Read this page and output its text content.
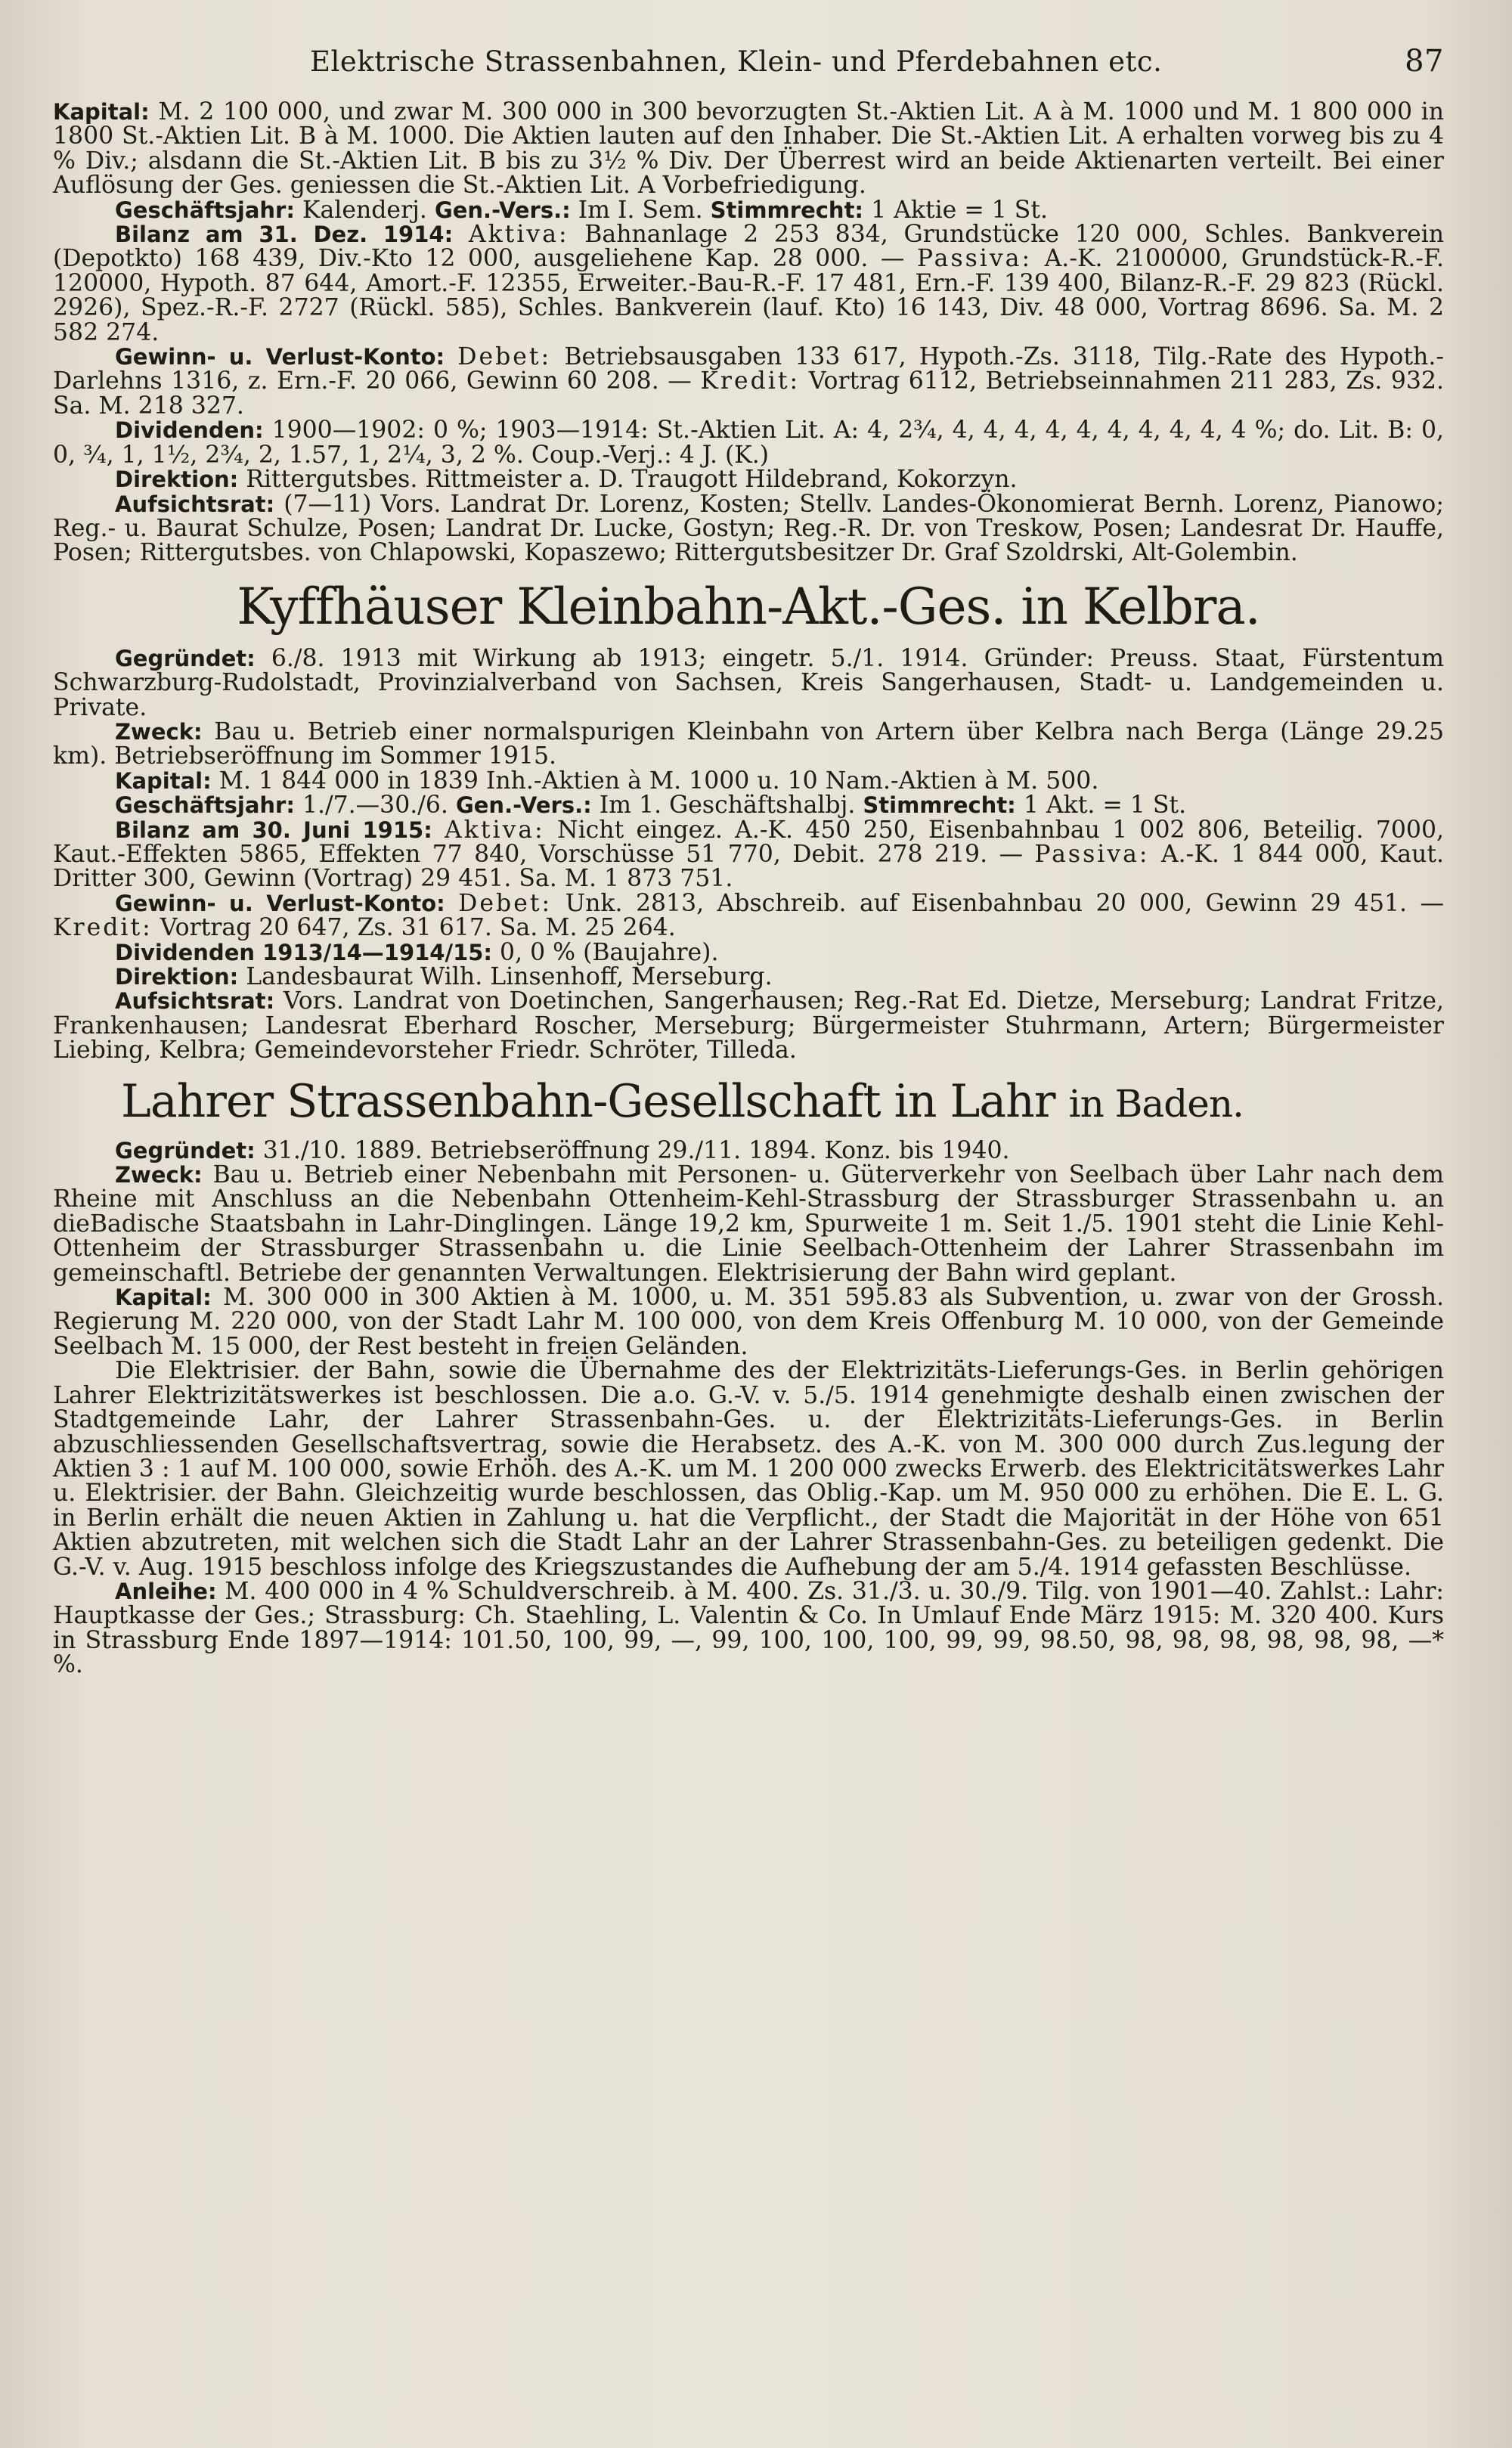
Elektrische Strassenbahnen, Klein- und Pferdebahnen etc.	87

Kapital: M. 2 100 000, und zwar M. 300 000 in 300 bevorzugten St.-Aktien Lit. A à M. 1000 und M. 1 800 000 in 1800 St.-Aktien Lit. B à M. 1000. Die Aktien lauten auf den Inhaber. Die St.-Aktien Lit. A erhalten vorweg bis zu 4 % Div.; alsdann die St.-Aktien Lit. B bis zu 3½ % Div. Der Überrest wird an beide Aktienarten verteilt. Bei einer Auflösung der Ges. geniessen die St.-Aktien Lit. A Vorbefriedigung.

Geschäftsjahr: Kalenderj. Gen.-Vers.: Im I. Sem. Stimmrecht: 1 Aktie = 1 St.

Bilanz am 31. Dez. 1914: Aktiva: Bahnanlage 2 253 834, Grundstücke 120 000, Schles. Bankverein (Depotkto) 168 439, Div.-Kto 12 000, ausgeliehene Kap. 28 000. — Passiva: A.-K. 2100000, Grundstück-R.-F. 120000, Hypoth. 87 644, Amort.-F. 12355, Erweiter.-Bau-R.-F. 17 481, Ern.-F. 139 400, Bilanz-R.-F. 29 823 (Rückl. 2926), Spez.-R.-F. 2727 (Rückl. 585), Schles. Bankverein (lauf. Kto) 16 143, Div. 48 000, Vortrag 8696. Sa. M. 2 582 274.

Gewinn- u. Verlust-Konto: Debet: Betriebsausgaben 133 617, Hypoth.-Zs. 3118, Tilg.-Rate des Hypoth.-Darlehns 1316, z. Ern.-F. 20 066, Gewinn 60 208. — Kredit: Vortrag 6112, Betriebseinnahmen 211 283, Zs. 932. Sa. M. 218 327.

Dividenden: 1900—1902: 0 %; 1903—1914: St.-Aktien Lit. A: 4, 2¾, 4, 4, 4, 4, 4, 4, 4, 4, 4, 4 %; do. Lit. B: 0, 0, ¾, 1, 1½, 2¾, 2, 1.57, 1, 2¼, 3, 2 %. Coup.-Verj.: 4 J. (K.)

Direktion: Rittergutsbes. Rittmeister a. D. Traugott Hildebrand, Kokorzyn.

Aufsichtsrat: (7—11) Vors. Landrat Dr. Lorenz, Kosten; Stellv. Landes-Ökonomierat Bernh. Lorenz, Pianowo; Reg.- u. Baurat Schulze, Posen; Landrat Dr. Lucke, Gostyn; Reg.-R. Dr. von Treskow, Posen; Landesrat Dr. Hauffe, Posen; Rittergutsbes. von Chlapowski, Kopaszewo; Rittergutsbesitzer Dr. Graf Szoldrski, Alt-Golembin.

Kyffhäuser Kleinbahn-Akt.-Ges. in Kelbra.

Gegründet: 6./8. 1913 mit Wirkung ab 1913; eingetr. 5./1. 1914. Gründer: Preuss. Staat, Fürstentum Schwarzburg-Rudolstadt, Provinzialverband von Sachsen, Kreis Sangerhausen, Stadt- u. Landgemeinden u. Private.

Zweck: Bau u. Betrieb einer normalspurigen Kleinbahn von Artern über Kelbra nach Berga (Länge 29.25 km). Betriebseröffnung im Sommer 1915.

Kapital: M. 1 844 000 in 1839 Inh.-Aktien à M. 1000 u. 10 Nam.-Aktien à M. 500.

Geschäftsjahr: 1./7.—30./6. Gen.-Vers.: Im 1. Geschäftshalbj. Stimmrecht: 1 Akt. = 1 St.

Bilanz am 30. Juni 1915: Aktiva: Nicht eingez. A.-K. 450 250, Eisenbahnbau 1 002 806, Beteilig. 7000, Kaut.-Effekten 5865, Effekten 77 840, Vorschüsse 51 770, Debit. 278 219. — Passiva: A.-K. 1 844 000, Kaut. Dritter 300, Gewinn (Vortrag) 29 451. Sa. M. 1 873 751.

Gewinn- u. Verlust-Konto: Debet: Unk. 2813, Abschreib. auf Eisenbahnbau 20 000, Gewinn 29 451. — Kredit: Vortrag 20 647, Zs. 31 617. Sa. M. 25 264.

Dividenden 1913/14—1914/15: 0, 0 % (Baujahre).

Direktion: Landesbaurat Wilh. Linsenhoff, Merseburg.

Aufsichtsrat: Vors. Landrat von Doetinchen, Sangerhausen; Reg.-Rat Ed. Dietze, Merseburg; Landrat Fritze, Frankenhausen; Landesrat Eberhard Roscher, Merseburg; Bürgermeister Stuhrmann, Artern; Bürgermeister Liebing, Kelbra; Gemeindevorsteher Friedr. Schröter, Tilleda.

Lahrer Strassenbahn-Gesellschaft in Lahr in Baden.

Gegründet: 31./10. 1889. Betriebseröffnung 29./11. 1894. Konz. bis 1940.

Zweck: Bau u. Betrieb einer Nebenbahn mit Personen- u. Güterverkehr von Seelbach über Lahr nach dem Rheine mit Anschluss an die Nebenbahn Ottenheim-Kehl-Strassburg der Strassburger Strassenbahn u. an dieBadische Staatsbahn in Lahr-Dinglingen. Länge 19,2 km, Spurweite 1 m. Seit 1./5. 1901 steht die Linie Kehl-Ottenheim der Strassburger Strassenbahn u. die Linie Seelbach-Ottenheim der Lahrer Strassenbahn im gemeinschaftl. Betriebe der genannten Verwaltungen. Elektrisierung der Bahn wird geplant.

Kapital: M. 300 000 in 300 Aktien à M. 1000, u. M. 351 595.83 als Subvention, u. zwar von der Grossh. Regierung M. 220 000, von der Stadt Lahr M. 100 000, von dem Kreis Offenburg M. 10 000, von der Gemeinde Seelbach M. 15 000, der Rest besteht in freien Geländen.

Die Elektrisier. der Bahn, sowie die Übernahme des der Elektrizitäts-Lieferungs-Ges. in Berlin gehörigen Lahrer Elektrizitätswerkes ist beschlossen. Die a.o. G.-V. v. 5./5. 1914 genehmigte deshalb einen zwischen der Stadtgemeinde Lahr, der Lahrer Strassenbahn-Ges. u. der Elektrizitäts-Lieferungs-Ges. in Berlin abzuschliessenden Gesellschaftsvertrag, sowie die Herabsetz. des A.-K. von M. 300 000 durch Zus.legung der Aktien 3 : 1 auf M. 100 000, sowie Erhöh. des A.-K. um M. 1 200 000 zwecks Erwerb. des Elektricitätswerkes Lahr u. Elektrisier. der Bahn. Gleichzeitig wurde beschlossen, das Oblig.-Kap. um M. 950 000 zu erhöhen. Die E. L. G. in Berlin erhält die neuen Aktien in Zahlung u. hat die Verpflicht., der Stadt die Majorität in der Höhe von 651 Aktien abzutreten, mit welchen sich die Stadt Lahr an der Lahrer Strassenbahn-Ges. zu beteiligen gedenkt. Die G.-V. v. Aug. 1915 beschloss infolge des Kriegszustandes die Aufhebung der am 5./4. 1914 gefassten Beschlüsse.

Anleihe: M. 400 000 in 4 % Schuldverschreib. à M. 400. Zs. 31./3. u. 30./9. Tilg. von 1901—40. Zahlst.: Lahr: Hauptkasse der Ges.; Strassburg: Ch. Staehling, L. Valentin & Co. In Umlauf Ende März 1915: M. 320 400. Kurs in Strassburg Ende 1897—1914: 101.50, 100, 99, —, 99, 100, 100, 100, 99, 99, 98.50, 98, 98, 98, 98, 98, 98, —* %.
